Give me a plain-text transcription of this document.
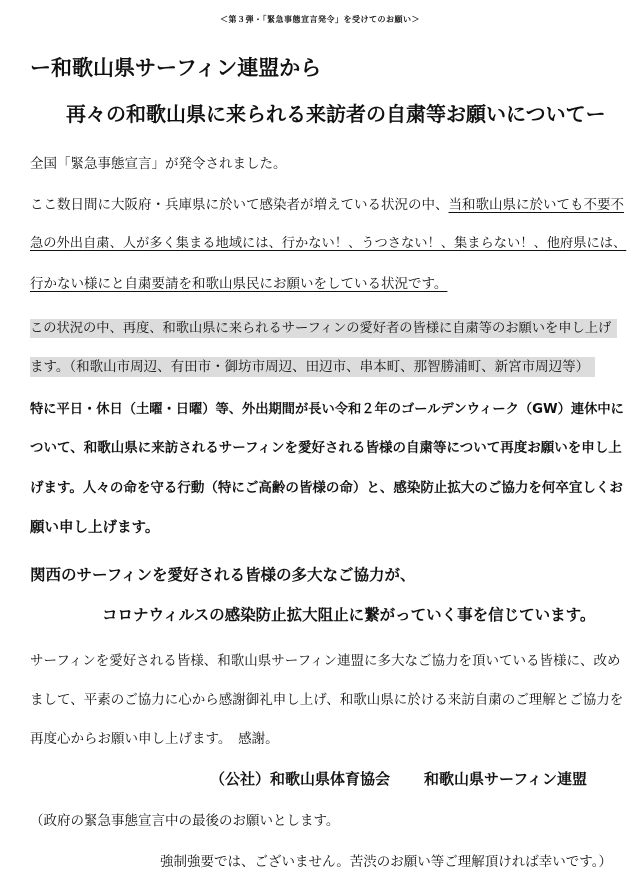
＜第３弾・「緊急事態宣言発令」を受けてのお願い＞
ー和歌山県サーフィン連盟から
再々の和歌山県に来られる来訪者の自粛等お願いについてー
全国「緊急事態宣言」が発令されました。
ここ数日間に大阪府・兵庫県に於いて感染者が増えている状況の中、当和歌山県に於いても不要不
急の外出自粛、人が多く集まる地域には、行かない！、うつさない！、集まらない！、他府県には、
行かない様にと自粛要請を和歌山県民にお願いをしている状況です。
この状況の中、再度、和歌山県に来られるサーフィンの愛好者の皆様に自粛等のお願いを申し上げ
ます。（和歌山市周辺、有田市・御坊市周辺、田辺市、串本町、那智勝浦町、新宮市周辺等）
特に平日・休日（土曜・日曜）等、外出期間が長い令和２年のゴールデンウィーク（GW）連休中に
ついて、和歌山県に来訪されるサーフィンを愛好される皆様の自粛等について再度お願いを申し上
げます。人々の命を守る行動（特にご高齢の皆様の命）と、感染防止拡大のご協力を何卒宜しくお
願い申し上げます。
関西のサーフィンを愛好される皆様の多大なご協力が、
コロナウィルスの感染防止拡大阻止に繋がっていく事を信じています。
サーフィンを愛好される皆様、和歌山県サーフィン連盟に多大なご協力を頂いている皆様に、改め
まして、平素のご協力に心から感謝御礼申し上げ、和歌山県に於ける来訪自粛のご理解とご協力を
再度心からお願い申し上げます。　感謝。
（公社）和歌山県体育協会 和歌山県サーフィン連盟
（政府の緊急事態宣言中の最後のお願いとします。
強制強要では、ございません。苦渋のお願い等ご理解頂ければ幸いです。）
